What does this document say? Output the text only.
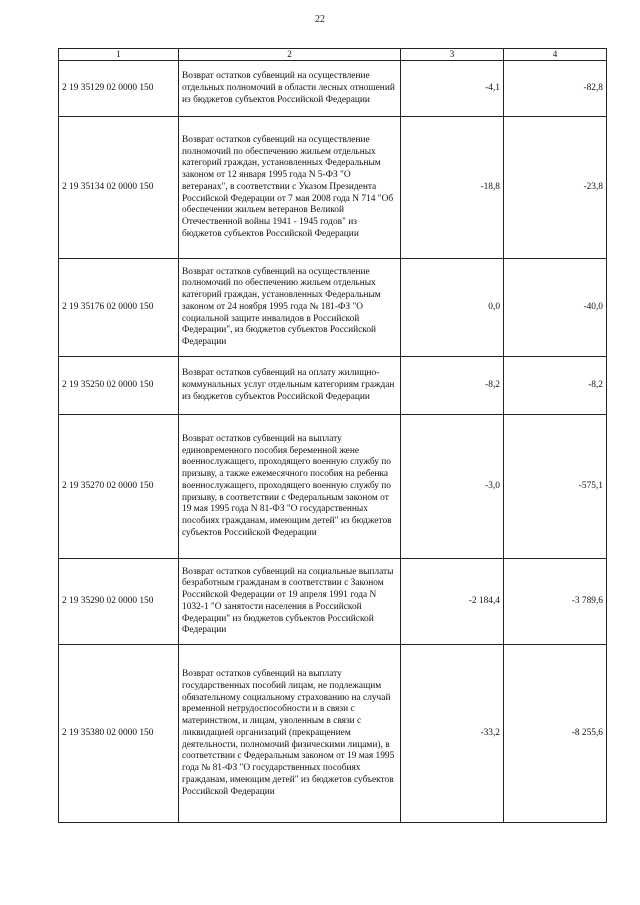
22
1	2	3	4
2 19 35129 02 0000 150	Возврат остатков субвенций на осуществление отдельных полномочий в области лесных отношений из бюджетов субъектов Российской Федерации	-4,1	-82,8
2 19 35134 02 0000 150	Возврат остатков субвенций на осуществление полномочий по обеспечению жильем отдельных категорий граждан, установленных Федеральным законом от 12 января 1995 года N 5-ФЗ "О ветеранах", в соответствии с Указом Президента Российской Федерации от 7 мая 2008 года N 714 "Об обеспечении жильем ветеранов Великой Отечественной войны 1941 - 1945 годов" из бюджетов субъектов Российской Федерации	-18,8	-23,8
2 19 35176 02 0000 150	Возврат остатков субвенций на осуществление полномочий по обеспечению жильем отдельных категорий граждан, установленных Федеральным законом от 24 ноября 1995 года № 181-ФЗ "О социальной защите инвалидов в Российской Федерации", из бюджетов субъектов Российской Федерации	0,0	-40,0
2 19 35250 02 0000 150	Возврат остатков субвенций на оплату жилищно-коммунальных услуг отдельным категориям граждан из бюджетов субъектов Российской Федерации	-8,2	-8,2
2 19 35270 02 0000 150	Возврат остатков субвенций на выплату единовременного пособия беременной жене военнослужащего, проходящего военную службу по призыву, а также ежемесячного пособия на ребенка военнослужащего, проходящего военную службу по призыву, в соответствии с Федеральным законом от 19 мая 1995 года N 81-ФЗ "О государственных пособиях гражданам, имеющим детей" из бюджетов субъектов Российской Федерации	-3,0	-575,1
2 19 35290 02 0000 150	Возврат остатков субвенций на социальные выплаты безработным гражданам в соответствии с Законом Российской Федерации от 19 апреля 1991 года N 1032-1 "О занятости населения в Российской Федерации" из бюджетов субъектов Российской Федерации	-2 184,4	-3 789,6
2 19 35380 02 0000 150	Возврат остатков субвенций на выплату государственных пособий лицам, не подлежащим обязательному социальному страхованию на случай временной нетрудоспособности и в связи с материнством, и лицам, уволенным в связи с ликвидацией организаций (прекращением деятельности, полномочий физическими лицами), в соответствии с Федеральным законом от 19 мая 1995 года № 81-ФЗ "О государственных пособиях гражданам, имеющим детей" из бюджетов субъектов Российской Федерации	-33,2	-8 255,6
